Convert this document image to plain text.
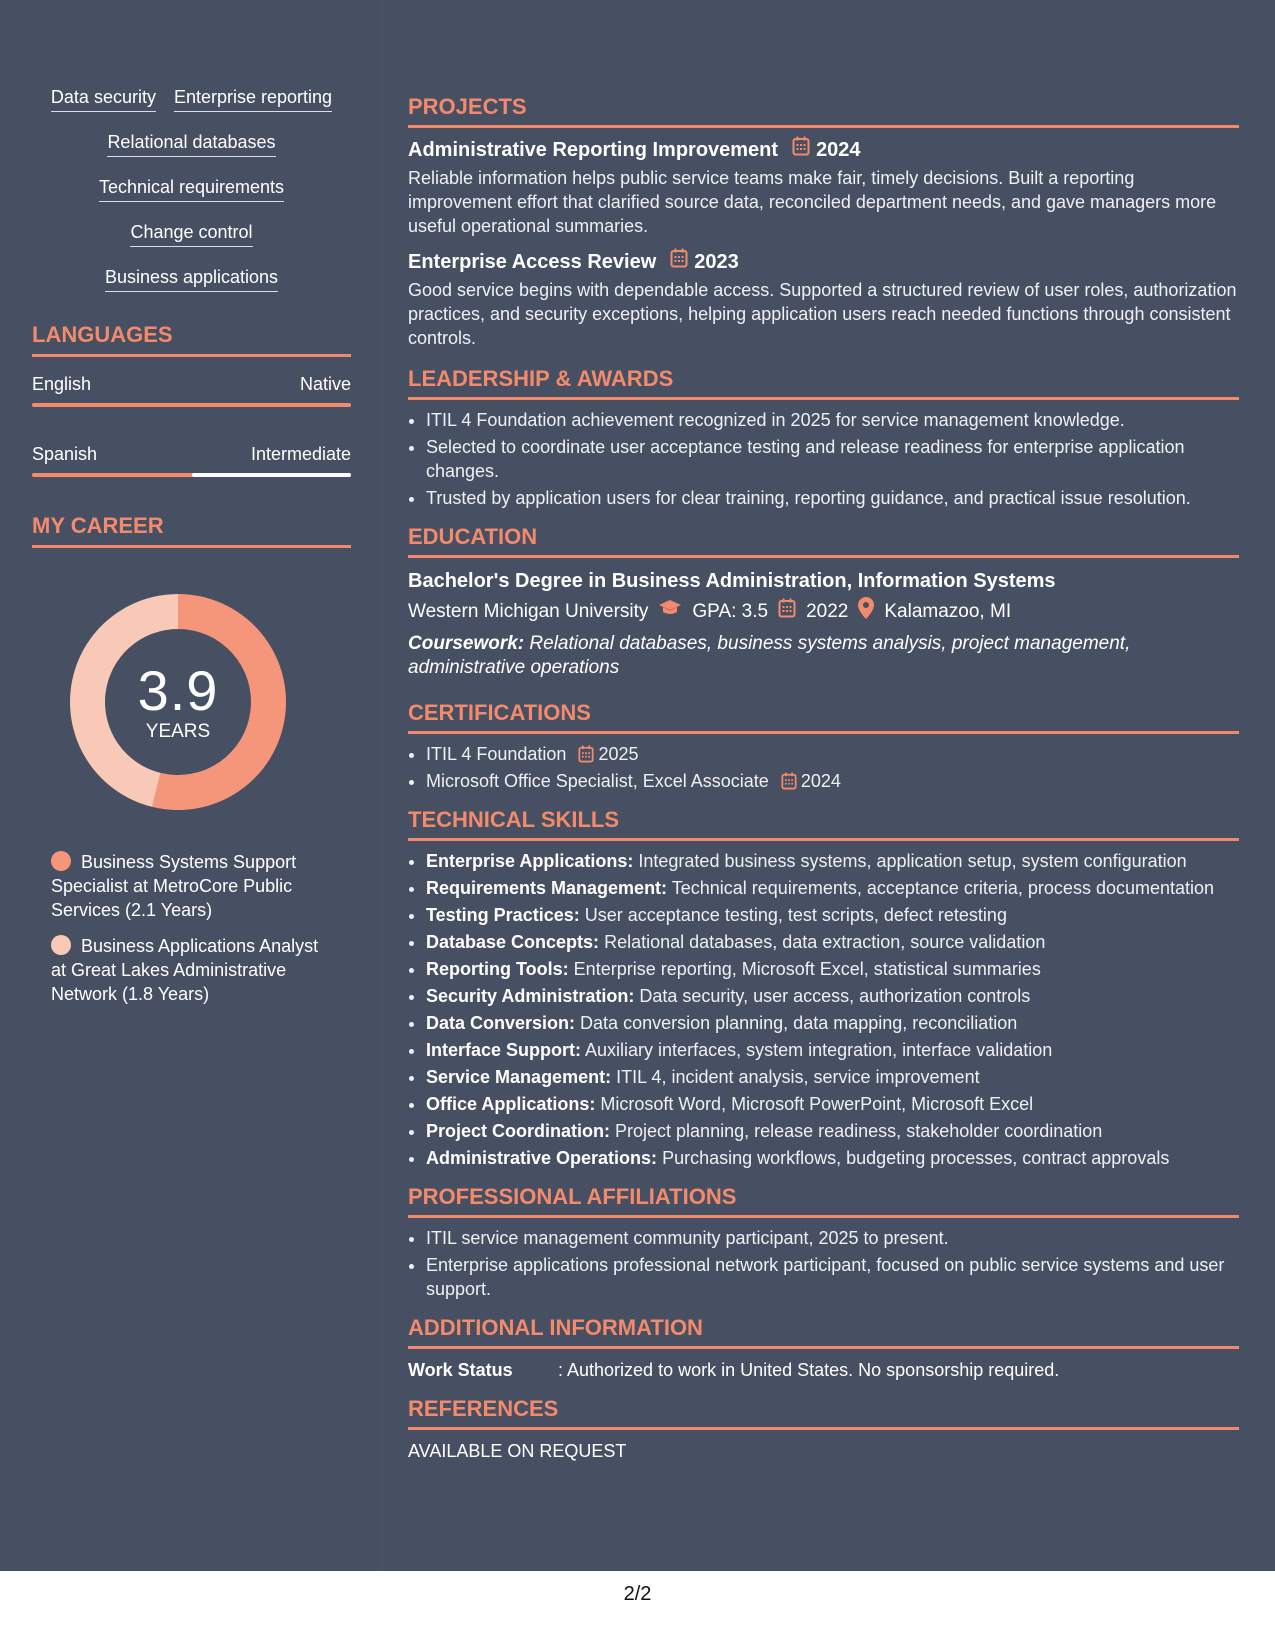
Data security Enterprise reporting
Relational databases
Technical requirements
Change control
Business applications
LANGUAGES
English	Native
Spanish	Intermediate
MY CAREER
3.9
YEARS
Business Systems Support Specialist at MetroCore Public Services (2.1 Years)
Business Applications Analyst at Great Lakes Administrative Network (1.8 Years)
PROJECTS
Administrative Reporting Improvement 2024
Reliable information helps public service teams make fair, timely decisions. Built a reporting improvement effort that clarified source data, reconciled department needs, and gave managers more useful operational summaries.
Enterprise Access Review 2023
Good service begins with dependable access. Supported a structured review of user roles, authorization practices, and security exceptions, helping application users reach needed functions through consistent controls.
LEADERSHIP & AWARDS
• ITIL 4 Foundation achievement recognized in 2025 for service management knowledge.
• Selected to coordinate user acceptance testing and release readiness for enterprise application changes.
• Trusted by application users for clear training, reporting guidance, and practical issue resolution.
EDUCATION
Bachelor's Degree in Business Administration, Information Systems
Western Michigan University GPA: 3.5 2022 Kalamazoo, MI
Coursework: Relational databases, business systems analysis, project management, administrative operations
CERTIFICATIONS
• ITIL 4 Foundation 2025
• Microsoft Office Specialist, Excel Associate 2024
TECHNICAL SKILLS
• Enterprise Applications: Integrated business systems, application setup, system configuration
• Requirements Management: Technical requirements, acceptance criteria, process documentation
• Testing Practices: User acceptance testing, test scripts, defect retesting
• Database Concepts: Relational databases, data extraction, source validation
• Reporting Tools: Enterprise reporting, Microsoft Excel, statistical summaries
• Security Administration: Data security, user access, authorization controls
• Data Conversion: Data conversion planning, data mapping, reconciliation
• Interface Support: Auxiliary interfaces, system integration, interface validation
• Service Management: ITIL 4, incident analysis, service improvement
• Office Applications: Microsoft Word, Microsoft PowerPoint, Microsoft Excel
• Project Coordination: Project planning, release readiness, stakeholder coordination
• Administrative Operations: Purchasing workflows, budgeting processes, contract approvals
PROFESSIONAL AFFILIATIONS
• ITIL service management community participant, 2025 to present.
• Enterprise applications professional network participant, focused on public service systems and user support.
ADDITIONAL INFORMATION
Work Status	: Authorized to work in United States. No sponsorship required.
REFERENCES
AVAILABLE ON REQUEST
2/2
